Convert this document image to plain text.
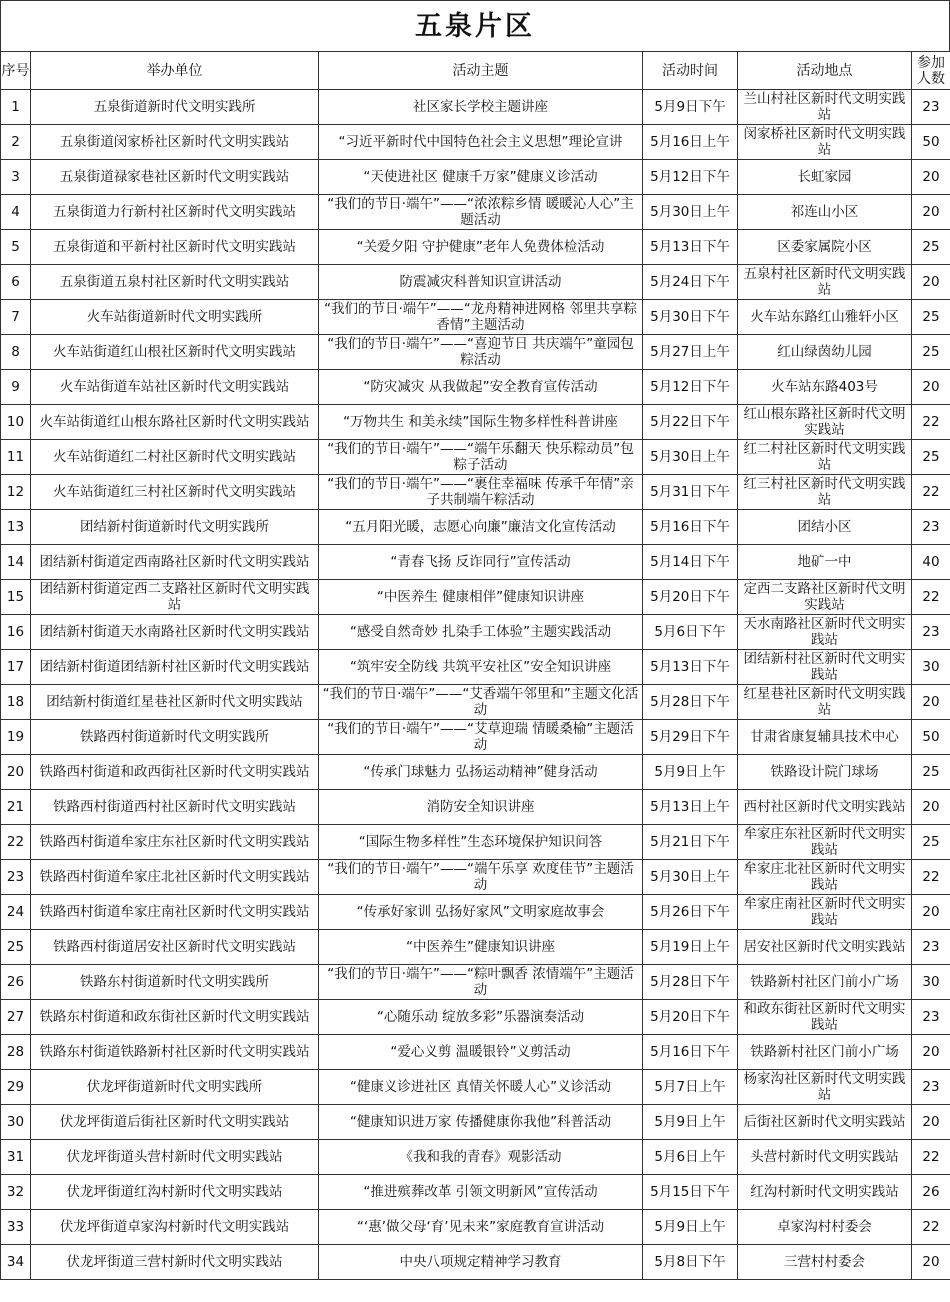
五泉片区
序号	举办单位	活动主题	活动时间	活动地点	参加人数
1	五泉街道新时代文明实践所	社区家长学校主题讲座	5月9日下午	兰山村社区新时代文明实践站	23
2	五泉街道闵家桥社区新时代文明实践站	“习近平新时代中国特色社会主义思想”理论宣讲	5月16日上午	闵家桥社区新时代文明实践站	50
3	五泉街道禄家巷社区新时代文明实践站	“天使进社区 健康千万家”健康义诊活动	5月12日下午	长虹家园	20
4	五泉街道力行新村社区新时代文明实践站	“我们的节日·端午”——“浓浓粽乡情 暖暖沁人心”主题活动	5月30日上午	祁连山小区	20
5	五泉街道和平新村社区新时代文明实践站	“关爱夕阳 守护健康”老年人免费体检活动	5月13日下午	区委家属院小区	25
6	五泉街道五泉村社区新时代文明实践站	防震减灾科普知识宣讲活动	5月24日下午	五泉村社区新时代文明实践站	20
7	火车站街道新时代文明实践所	“我们的节日·端午”——“龙舟精神进网格 邻里共享粽香情”主题活动	5月30日下午	火车站东路红山雅轩小区	25
8	火车站街道红山根社区新时代文明实践站	“我们的节日·端午”——“喜迎节日 共庆端午”童园包粽活动	5月27日上午	红山绿茵幼儿园	25
9	火车站街道车站社区新时代文明实践站	“防灾减灾 从我做起”安全教育宣传活动	5月12日下午	火车站东路403号	20
10	火车站街道红山根东路社区新时代文明实践站	“万物共生 和美永续”国际生物多样性科普讲座	5月22日下午	红山根东路社区新时代文明实践站	22
11	火车站街道红二村社区新时代文明实践站	“我们的节日·端午”——“端午乐翻天 快乐粽动员”包粽子活动	5月30日上午	红二村社区新时代文明实践站	25
12	火车站街道红三村社区新时代文明实践站	“我们的节日·端午”——“裹住幸福味 传承千年情”亲子共制端午粽活动	5月31日下午	红三村社区新时代文明实践站	22
13	团结新村街道新时代文明实践所	“五月阳光暖，志愿心向廉”廉洁文化宣传活动	5月16日下午	团结小区	23
14	团结新村街道定西南路社区新时代文明实践站	“青春飞扬 反诈同行”宣传活动	5月14日下午	地矿一中	40
15	团结新村街道定西二支路社区新时代文明实践站	“中医养生 健康相伴”健康知识讲座	5月20日下午	定西二支路社区新时代文明实践站	22
16	团结新村街道天水南路社区新时代文明实践站	“感受自然奇妙 扎染手工体验”主题实践活动	5月6日下午	天水南路社区新时代文明实践站	23
17	团结新村街道团结新村社区新时代文明实践站	“筑牢安全防线 共筑平安社区”安全知识讲座	5月13日下午	团结新村社区新时代文明实践站	30
18	团结新村街道红星巷社区新时代文明实践站	“我们的节日·端午”——“艾香端午邻里和”主题文化活动	5月28日下午	红星巷社区新时代文明实践站	20
19	铁路西村街道新时代文明实践所	“我们的节日·端午”——“艾草迎瑞 情暖桑榆”主题活动	5月29日下午	甘肃省康复辅具技术中心	50
20	铁路西村街道和政西街社区新时代文明实践站	“传承门球魅力 弘扬运动精神”健身活动	5月9日上午	铁路设计院门球场	25
21	铁路西村街道西村社区新时代文明实践站	消防安全知识讲座	5月13日上午	西村社区新时代文明实践站	20
22	铁路西村街道牟家庄东社区新时代文明实践站	“国际生物多样性”生态环境保护知识问答	5月21日下午	牟家庄东社区新时代文明实践站	25
23	铁路西村街道牟家庄北社区新时代文明实践站	“我们的节日·端午”——“端午乐享 欢度佳节”主题活动	5月30日上午	牟家庄北社区新时代文明实践站	22
24	铁路西村街道牟家庄南社区新时代文明实践站	“传承好家训 弘扬好家风”文明家庭故事会	5月26日下午	牟家庄南社区新时代文明实践站	20
25	铁路西村街道居安社区新时代文明实践站	“中医养生”健康知识讲座	5月19日上午	居安社区新时代文明实践站	23
26	铁路东村街道新时代文明实践所	“我们的节日·端午”——“粽叶飘香 浓情端午”主题活动	5月28日下午	铁路新村社区门前小广场	30
27	铁路东村街道和政东街社区新时代文明实践站	“心随乐动 绽放多彩”乐器演奏活动	5月20日下午	和政东街社区新时代文明实践站	23
28	铁路东村街道铁路新村社区新时代文明实践站	“爱心义剪 温暖银铃”义剪活动	5月16日下午	铁路新村社区门前小广场	20
29	伏龙坪街道新时代文明实践所	“健康义诊进社区 真情关怀暖人心”义诊活动	5月7日上午	杨家沟社区新时代文明实践站	23
30	伏龙坪街道后街社区新时代文明实践站	“健康知识进万家 传播健康你我他”科普活动	5月9日上午	后街社区新时代文明实践站	20
31	伏龙坪街道头营村新时代文明实践站	《我和我的青春》观影活动	5月6日上午	头营村新时代文明实践站	22
32	伏龙坪街道红沟村新时代文明实践站	“推进殡葬改革 引领文明新风”宣传活动	5月15日下午	红沟村新时代文明实践站	26
33	伏龙坪街道卓家沟村新时代文明实践站	“‘惠’做父母‘育’见未来”家庭教育宣讲活动	5月9日上午	卓家沟村村委会	22
34	伏龙坪街道三营村新时代文明实践站	中央八项规定精神学习教育	5月8日下午	三营村村委会	20
